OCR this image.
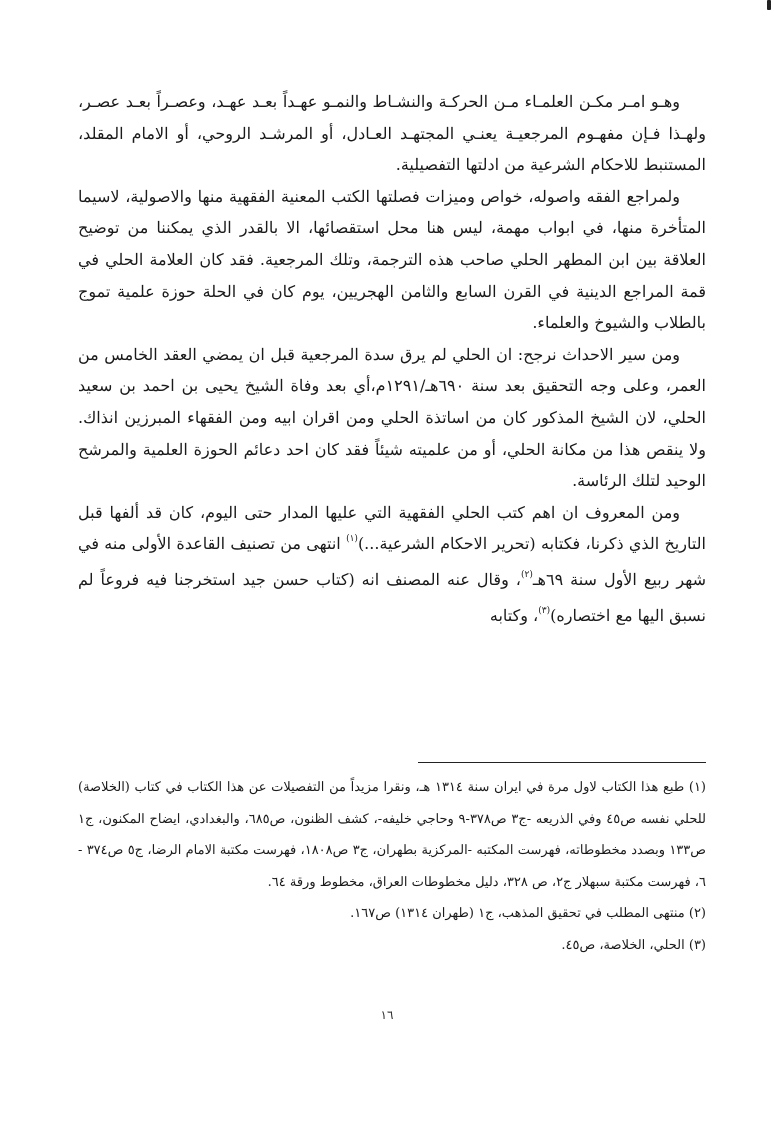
وهـو امـر مكـن العلمـاء مـن الحركـة والنشـاط والنمـو عهـداً بعـد عهـد، وعصـراً بعـد عصـر، ولهـذا فـإن مفهـوم المرجعيـة يعنـي المجتهـد العـادل، أو المرشـد الروحي، أو الامام المقلد، المستنبط للاحكام الشرعية من ادلتها التفصيلية.

ولمراجع الفقه واصوله، خواص وميزات فصلتها الكتب المعنية الفقهية منها والاصولية، لاسيما المتأخرة منها، في ابواب مهمة، ليس هنا محل استقصائها، الا بالقدر الذي يمكننا من توضيح العلاقة بين ابن المطهر الحلي صاحب هذه الترجمة، وتلك المرجعية. فقد كان العلامة الحلي في قمة المراجع الدينية في القرن السابع والثامن الهجريين، يوم كان في الحلة حوزة علمية تموج بالطلاب والشيوخ والعلماء.

ومن سير الاحداث نرجح: ان الحلي لم يرق سدة المرجعية قبل ان يمضي العقد الخامس من العمر، وعلى وجه التحقيق بعد سنة ٦٩٠هـ/١٢٩١م،أي بعد وفاة الشيخ يحيى بن احمد بن سعيد الحلي، لان الشيخ المذكور كان من اساتذة الحلي ومن اقران ابيه ومن الفقهاء المبرزين انذاك. ولا ينقص هذا من مكانة الحلي، أو من علميته شيئاً فقد كان احد دعائم الحوزة العلمية والمرشح الوحيد لتلك الرئاسة.

ومن المعروف ان اهم كتب الحلي الفقهية التي عليها المدار حتى اليوم، كان قد ألفها قبل التاريخ الذي ذكرنا، فكتابه (تحرير الاحكام الشرعية...)$^{(١)}$ انتهى من تصنيف القاعدة الأولى منه في شهر ربيع الأول سنة ٦٩هـ$^{(٢)}$، وقال عنه المصنف انه (كتاب حسن جيد استخرجنا فيه فروعاً لم نسبق اليها مع اختصاره)$^{(٣)}$، وكتابه

(١) طبع هذا الكتاب لاول مرة في ايران سنة ١٣١٤ هـ، ونقرا مزيداً من التفصيلات عن هذا الكتاب في كتاب (الخلاصة) للحلي نفسه ص٤٥ وفي الذريعه -ج٣ ص٣٧٨-٩ وحاجي خليفه-، كشف الظنون، ص٦٨٥، والبغدادي، ايضاح المكنون، ج١ ص١٣٣ وبصدد مخطوطاته، فهرست المكتبه -المركزية بطهران، ج٣ ص١٨٠٨، فهرست مكتبة الامام الرضا، ج٥ ص٣٧٤ - ٦، فهرست مكتبة سبهلار ج٢، ص ٣٢٨، دليل مخطوطات العراق، مخطوط ورقة ٦٤.

(٢) منتهى المطلب في تحقيق المذهب، ج١ (طهران ١٣١٤) ص١٦٧.

(٣) الحلي، الخلاصة، ص٤٥.

١٦
